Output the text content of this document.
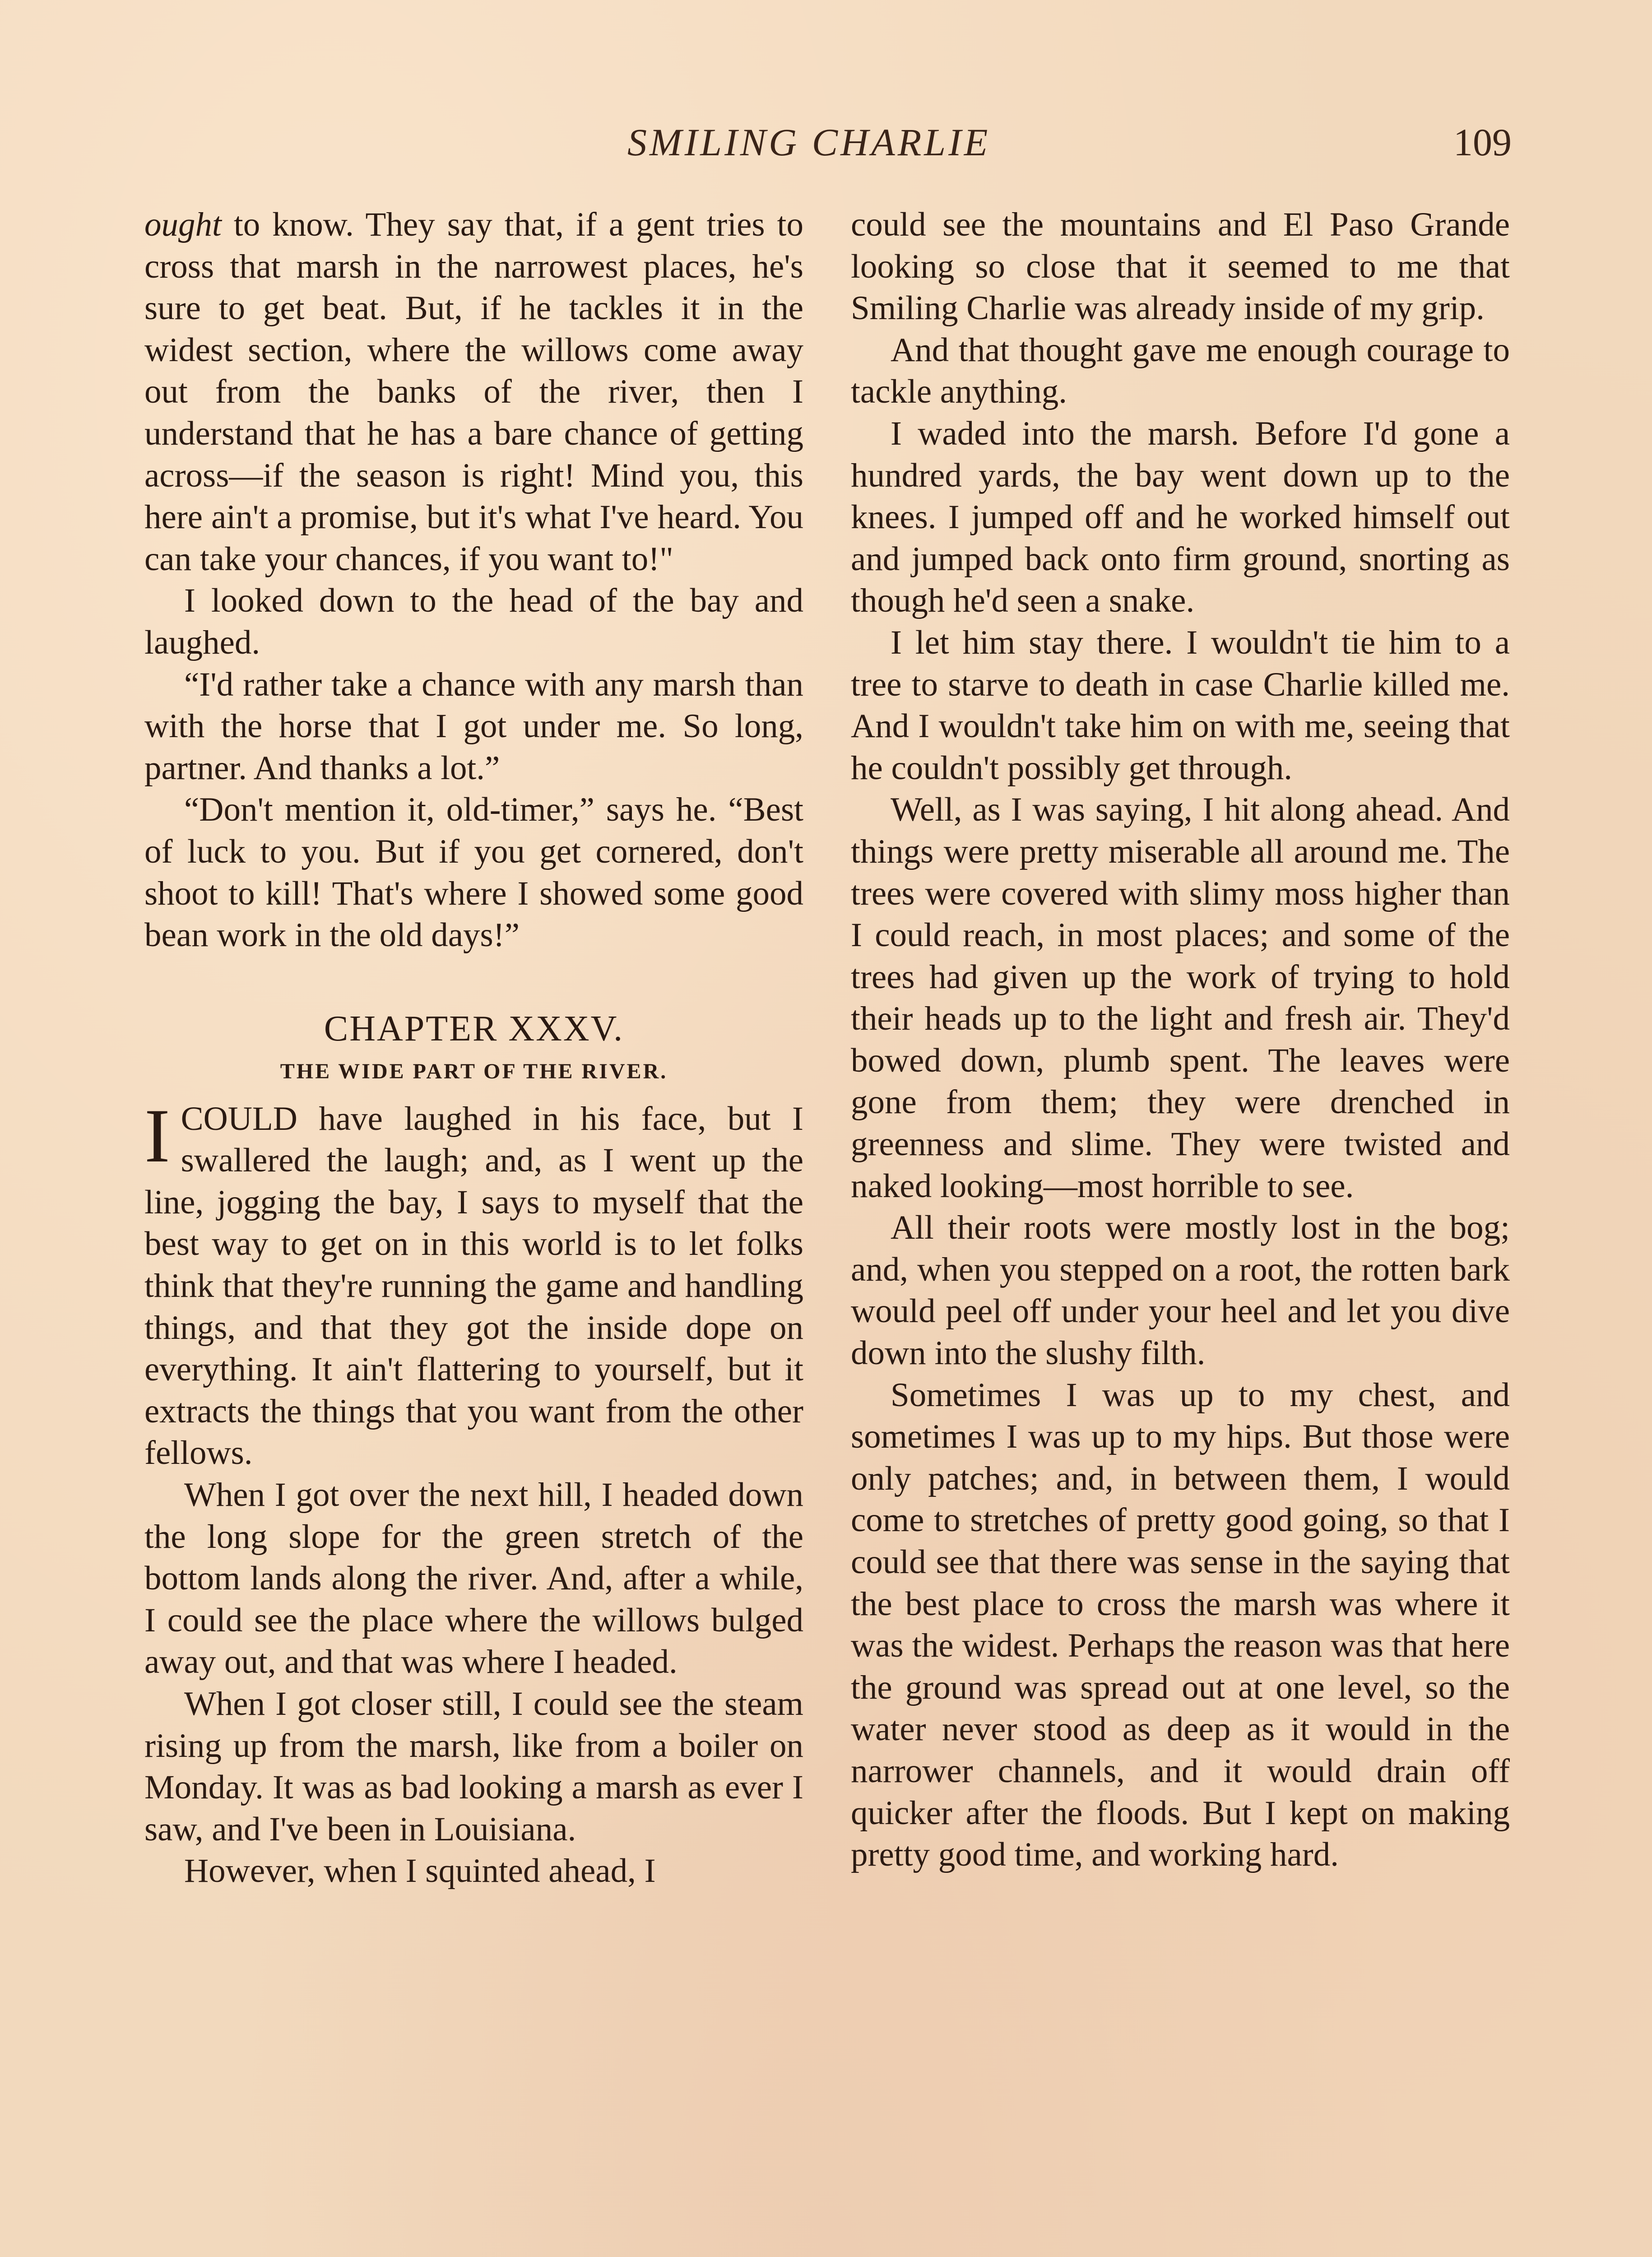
SMILING CHARLIE	109

ought to know. They say that, if a gent tries to cross that marsh in the narrowest places, he's sure to get beat. But, if he tackles it in the widest section, where the willows come away out from the banks of the river, then I understand that he has a bare chance of getting across—if the season is right! Mind you, this here ain't a promise, but it's what I've heard. You can take your chances, if you want to!"

I looked down to the head of the bay and laughed.

“I'd rather take a chance with any marsh than with the horse that I got under me. So long, partner. And thanks a lot.”

“Don't mention it, old-timer,” says he. “Best of luck to you. But if you get cornered, don't shoot to kill! That's where I showed some good bean work in the old days!”

CHAPTER XXXV.
THE WIDE PART OF THE RIVER.

I COULD have laughed in his face, but I swallered the laugh; and, as I went up the line, jogging the bay, I says to myself that the best way to get on in this world is to let folks think that they're running the game and handling things, and that they got the inside dope on everything. It ain't flattering to yourself, but it extracts the things that you want from the other fellows.

When I got over the next hill, I headed down the long slope for the green stretch of the bottom lands along the river. And, after a while, I could see the place where the willows bulged away out, and that was where I headed.

When I got closer still, I could see the steam rising up from the marsh, like from a boiler on Monday. It was as bad looking a marsh as ever I saw, and I've been in Louisiana.

However, when I squinted ahead, I

could see the mountains and El Paso Grande looking so close that it seemed to me that Smiling Charlie was already inside of my grip.

And that thought gave me enough courage to tackle anything.

I waded into the marsh. Before I'd gone a hundred yards, the bay went down up to the knees. I jumped off and he worked himself out and jumped back onto firm ground, snorting as though he'd seen a snake.

I let him stay there. I wouldn't tie him to a tree to starve to death in case Charlie killed me. And I wouldn't take him on with me, seeing that he couldn't possibly get through.

Well, as I was saying, I hit along ahead. And things were pretty miserable all around me. The trees were covered with slimy moss higher than I could reach, in most places; and some of the trees had given up the work of trying to hold their heads up to the light and fresh air. They'd bowed down, plumb spent. The leaves were gone from them; they were drenched in greenness and slime. They were twisted and naked looking—most horrible to see.

All their roots were mostly lost in the bog; and, when you stepped on a root, the rotten bark would peel off under your heel and let you dive down into the slushy filth.

Sometimes I was up to my chest, and sometimes I was up to my hips. But those were only patches; and, in between them, I would come to stretches of pretty good going, so that I could see that there was sense in the saying that the best place to cross the marsh was where it was the widest. Perhaps the reason was that here the ground was spread out at one level, so the water never stood as deep as it would in the narrower channels, and it would drain off quicker after the floods. But I kept on making pretty good time, and working hard.
